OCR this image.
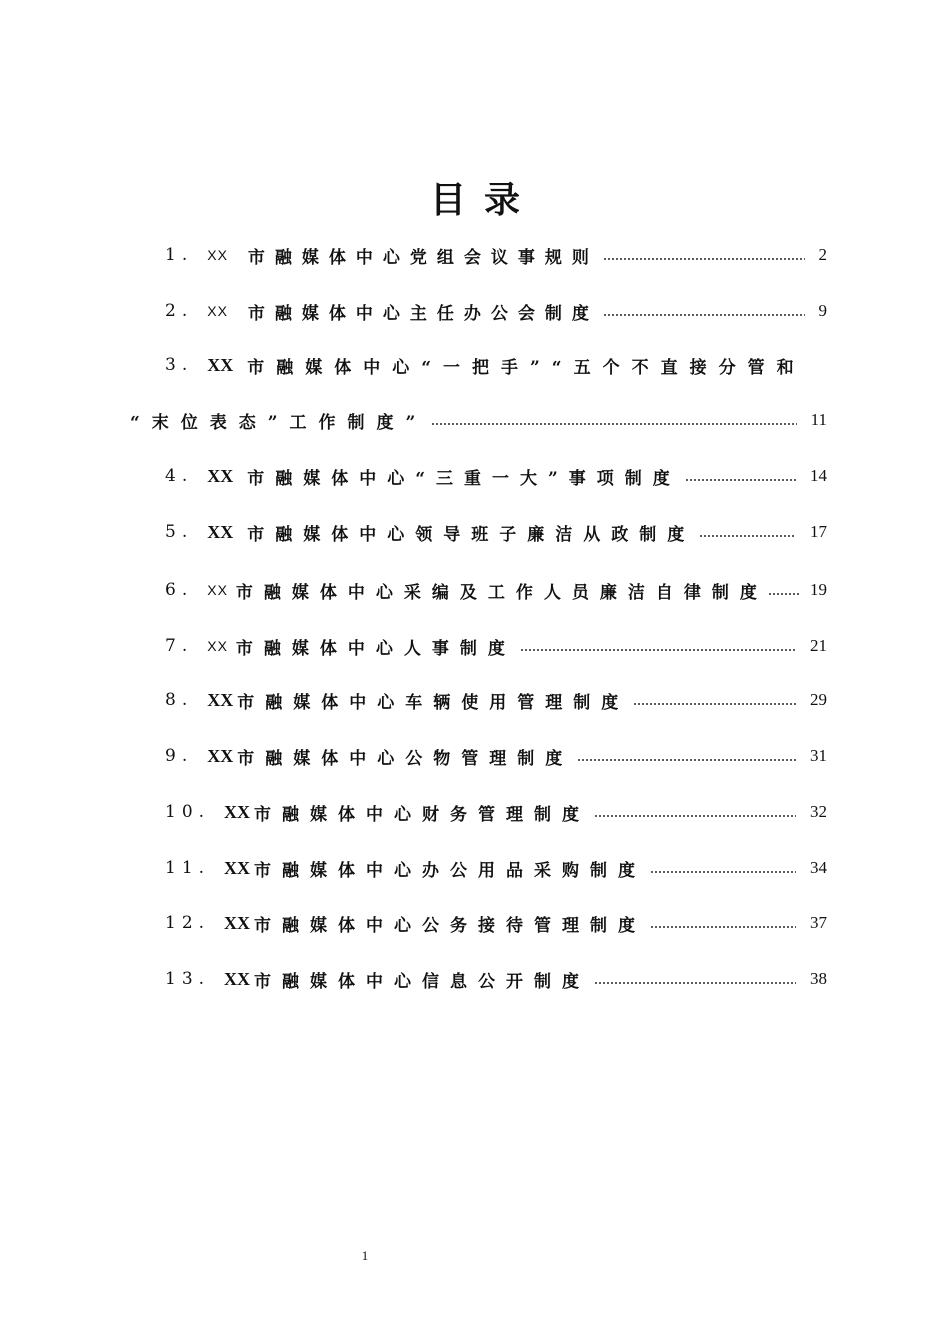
目录
1. XX 市融媒体中心党组会议事规则	2
2. XX 市融媒体中心主任办公会制度	9
3. XX 市融媒体中心“一把手”“五个不直接分管和
“末位表态”工作制度”	11
4. XX 市融媒体中心“三重一大”事项制度	14
5. XX 市融媒体中心领导班子廉洁从政制度	17
6. XX 市融媒体中心采编及工作人员廉洁自律制度 19
7. XX 市融媒体中心人事制度	21
8. XX 市融媒体中心车辆使用管理制度	29
9. XX 市融媒体中心公物管理制度	31
10. XX 市融媒体中心财务管理制度	32
11. XX 市融媒体中心办公用品采购制度	34
12. XX 市融媒体中心公务接待管理制度	37
13. XX 市融媒体中心信息公开制度	38
1
